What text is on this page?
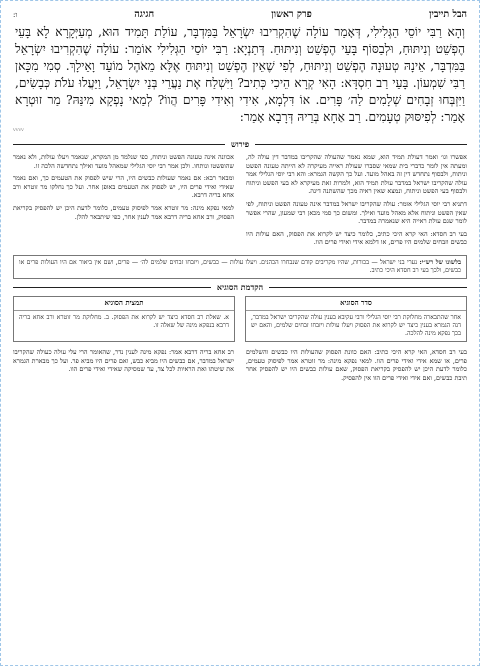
הבל תייבין
פרק ראשון
חגיגה
ו:
וְהָא רַבִּי יוֹסֵי הַגְּלִילִי, דְּאָמַר עוֹלָה שֶׁהִקְרִיבוּ יִשְׂרָאֵל בַּמִּדְבָּר, עוֹלַת תָּמִיד הוּא, מְעַיְּקָרָא לָא בָּעֵי הֶפְשֵׁט וְנִיתּוּחַ, וּלְבַסּוֹף בָּעֵי הֶפְשֵׁט וְנִיתּוּחַ. דְּתַנְיָא: רַבִּי יוֹסֵי הַגְּלִילִי אוֹמֵר: עוֹלָה שֶׁהִקְרִיבוּ יִשְׂרָאֵל בַּמִּדְבָּר, אֵינָהּ טְעוּנָה הֶפְשֵׁט וְנִיתּוּחַ, לְפִי שֶׁאֵין הֶפְשֵׁט וְנִיתּוּחַ אֶלָּא מֵאֹהֶל מוֹעֵד וָאֵילָךְ. סְמִי מִכָּאן רַבִּי שִׁמְעוֹן. בָּעֵי רַב חִסְדָּא: הָאִי קְרָא הֵיכִי כְּתִיב? וַיִּשְׁלַח אֶת נַעֲרֵי בְּנֵי יִשְׂרָאֵל, וַיַּעֲלוּ עֹלֹת כְּבָשִׂים, וַיִּזְבְּחוּ זְבָחִים שְׁלָמִים לַה׳ פָּרִים. אוֹ דִּלְמָא, אִידִי וְאִידִי פָּרִים הֲווֹ? לְמַאי נָפְקָא מִינַּהּ? מַר זוּטְרָא אָמַר: לְפִיסּוּק טְעָמִים. רַב אַחָא בְּרֵיהּ דְּרָבָא אָמַר:
ⱽⱽⱽⱽ
פירוש

אפשרו וגו׳ ואמר דעולת תמיד הוא, שמא נאמר שהעולה שהקריבו במדבר דין עולה לה, ומעתה אין לומר כדברי בית שמאי שסברו שעולת ראייה מעיקרה לא הייתה טעונה הפשט וניתוח, ולבסוף נתחדש דין זה באהל מועד. ועל כך הקשה הגמרא: והא רבי יוסי הגלילי אמר עולה שהקריבו ישראל במדבר עולת תמיד הוא, ולמרות זאת מעיקרא לא בעי הפשט וניתוח ולבסוף בעי הפשט וניתוח, ונמצא שאין ראיה מכך שהשתנה דינה.

דתניא רבי יוסי הגלילי אומר: עולה שהקריבו ישראל במדבר אינה טעונה הפשט וניתוח, לפי שאין הפשט וניתוח אלא מאהל מועד ואילך. ומשום כך סמי מכאן רבי שמעון, שהרי אפשר לומר שגם עולת ראייה היא שנאמרה במדבר.

בעי רב חסדא: האי קרא היכי כתיב, כלומר כיצד יש לקרוא את הפסוק, האם עולות היו כבשים וזבחים שלמים היו פרים, או דלמא אידי ואידי פרים הוו.

אכוונה אינה טעונה הפשט וניתוח, כפי שנלמד מן המקרא, שנאמר ויעלו עולות, ולא נאמר שהופשטו ונותחו. ולכן אמר רבי יוסי הגלילי שמאהל מועד ואילך נתחדשה הלכה זו.

ומבאר רבא: אם נאמר שעולות כבשים היו, הרי שיש לפסוק את הטעמים כך, ואם נאמר שאידי ואידי פרים היו, יש לפסוק את הטעמים באופן אחר. ועל כך נחלקו מר זוטרא ורב אחא בריה דרבא.

למאי נפקא מינה: מר זוטרא אמר לפיסוק טעמים, כלומר לדעת היכן יש להפסיק בקריאת הפסוק, ורב אחא בריה דרבא אמר לענין אחר, כפי שיתבאר להלן.

בלשונו של רש״י: נערי בני ישראל — בכורות, שהיו מקריבים קודם שנבחרו הכהנים. ויעלו עולות — כבשים, ויזבחו זבחים שלמים לה׳ — פרים, ושם אין ביאור אם היו העולות פרים או כבשים, ולכך בעי רב חסדא היכי כתיב.
הקדמת הסוגיא
סדר הסוגיא
אחר שהתבארה מחלוקת רבי יוסי הגלילי ורבי עקיבא בענין עולה שהקריבו ישראל במדבר, דנה הגמרא בענין כיצד יש לקרוא את הפסוק ויעלו עולות ויזבחו זבחים שלמים, והאם יש בכך נפקא מינה להלכה.
תמצית הסוגיא
א. שאלת רב חסדא כיצד יש לקרוא את הפסוק. ב. מחלוקת מר זוטרא ורב אחא בריה דרבא בנפקא מינה של שאלה זו.

בעי רב חסדא, האי קרא היכי כתיב: האם כוונת הפסוק שהעולות היו כבשים והשלמים פרים, או שמא אידי ואידי פרים הוו. למאי נפקא מינה: מר זוטרא אמר לפיסוק טעמים, כלומר לדעת היכן יש להפסיק בקריאת הפסוק, שאם עולות כבשים היו יש להפסיק אחר תיבת כבשים, ואם אידי ואידי פרים הוו אין להפסיק.

רב אחא בריה דרבא אמר: נפקא מינה לענין נדר, שהאומר הרי עלי עולה כעולה שהקריבו ישראל במדבר, אם כבשים היו מביא כבש, ואם פרים היו מביא פר. ועל כך מבארת הגמרא את שיטתו ואת הראיות לכל צד, עד שמסיקה שאידי ואידי פרים הוו.
